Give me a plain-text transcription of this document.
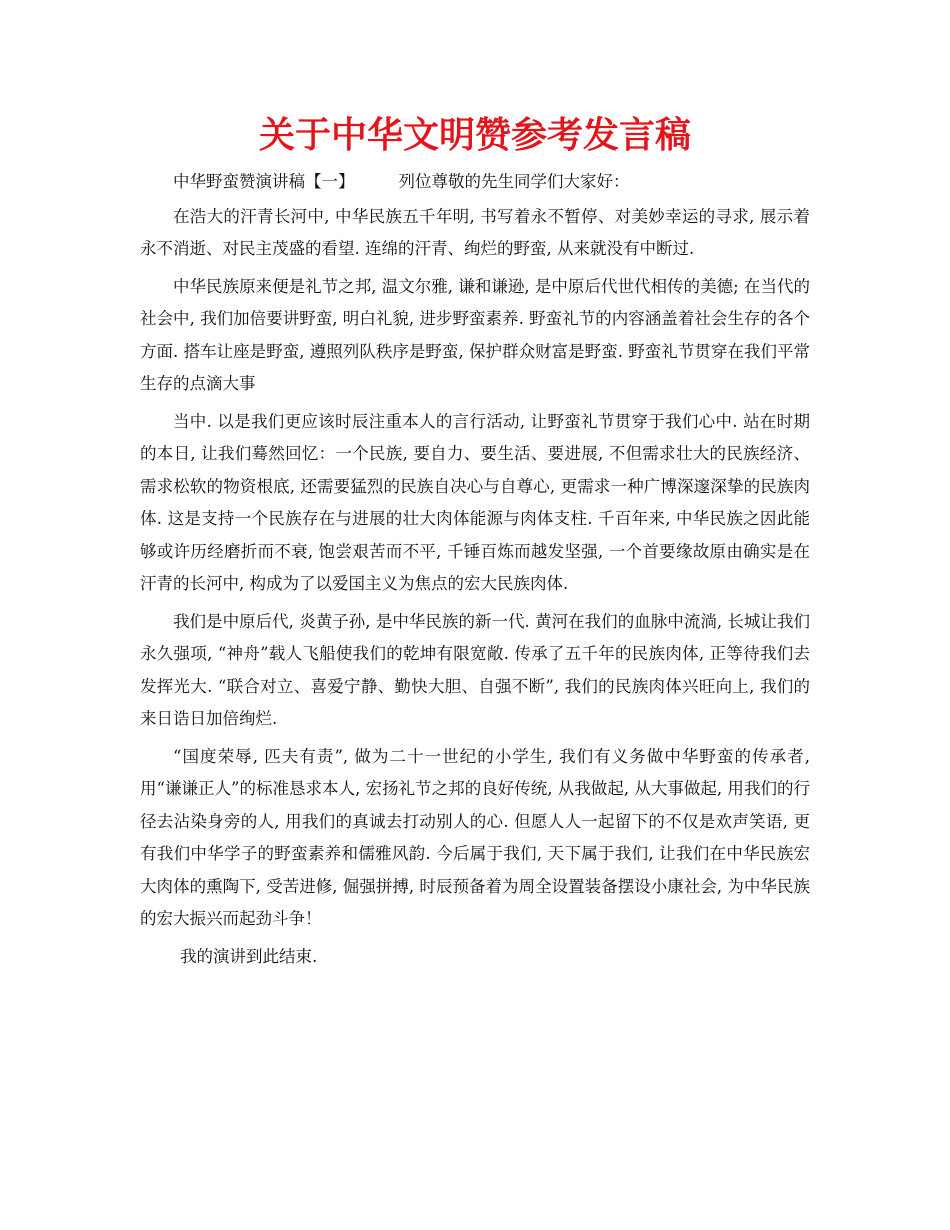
关于中华文明赞参考发言稿
中华野蛮赞演讲稿【一】	列位尊敬的先生同学们大家好：

在浩大的汗青长河中, 中华民族五千年明, 书写着永不暂停、对美妙幸运的寻求, 展示着永不消逝、对民主茂盛的看望. 连绵的汗青、绚烂的野蛮, 从来就没有中断过.

中华民族原来便是礼节之邦, 温文尔雅, 谦和谦逊, 是中原后代世代相传的美德; 在当代的社会中, 我们加倍要讲野蛮, 明白礼貌, 进步野蛮素养. 野蛮礼节的内容涵盖着社会生存的各个方面. 搭车让座是野蛮, 遵照列队秩序是野蛮, 保护群众财富是野蛮. 野蛮礼节贯穿在我们平常生存的点滴大事

当中. 以是我们更应该时辰注重本人的言行活动, 让野蛮礼节贯穿于我们心中. 站在时期的本日, 让我们蓦然回忆：一个民族, 要自力、要生活、要进展, 不但需求壮大的民族经济、需求松软的物资根底, 还需要猛烈的民族自决心与自尊心, 更需求一种广博深邃深挚的民族肉体. 这是支持一个民族存在与进展的壮大肉体能源与肉体支柱. 千百年来, 中华民族之因此能够或许历经磨折而不衰, 饱尝艰苦而不平, 千锤百炼而越发坚强, 一个首要缘故原由确实是在汗青的长河中, 构成为了以爱国主义为焦点的宏大民族肉体.

我们是中原后代, 炎黄子孙, 是中华民族的新一代. 黄河在我们的血脉中流淌, 长城让我们永久强项, “神舟”载人飞船使我们的乾坤有限宽敞. 传承了五千年的民族肉体, 正等待我们去发挥光大. “联合对立、喜爱宁静、勤快大胆、自强不断”, 我们的民族肉体兴旺向上, 我们的来日诰日加倍绚烂.

“国度荣辱, 匹夫有责”, 做为二十一世纪的小学生, 我们有义务做中华野蛮的传承者, 用“谦谦正人”的标准恳求本人, 宏扬礼节之邦的良好传统, 从我做起, 从大事做起, 用我们的行径去沾染身旁的人, 用我们的真诚去打动别人的心. 但愿人人一起留下的不仅是欢声笑语, 更有我们中华学子的野蛮素养和儒雅风韵. 今后属于我们, 天下属于我们, 让我们在中华民族宏大肉体的熏陶下, 受苦进修, 倔强拼搏, 时辰预备着为周全设置装备摆设小康社会, 为中华民族的宏大振兴而起劲斗争！

我的演讲到此结束.
